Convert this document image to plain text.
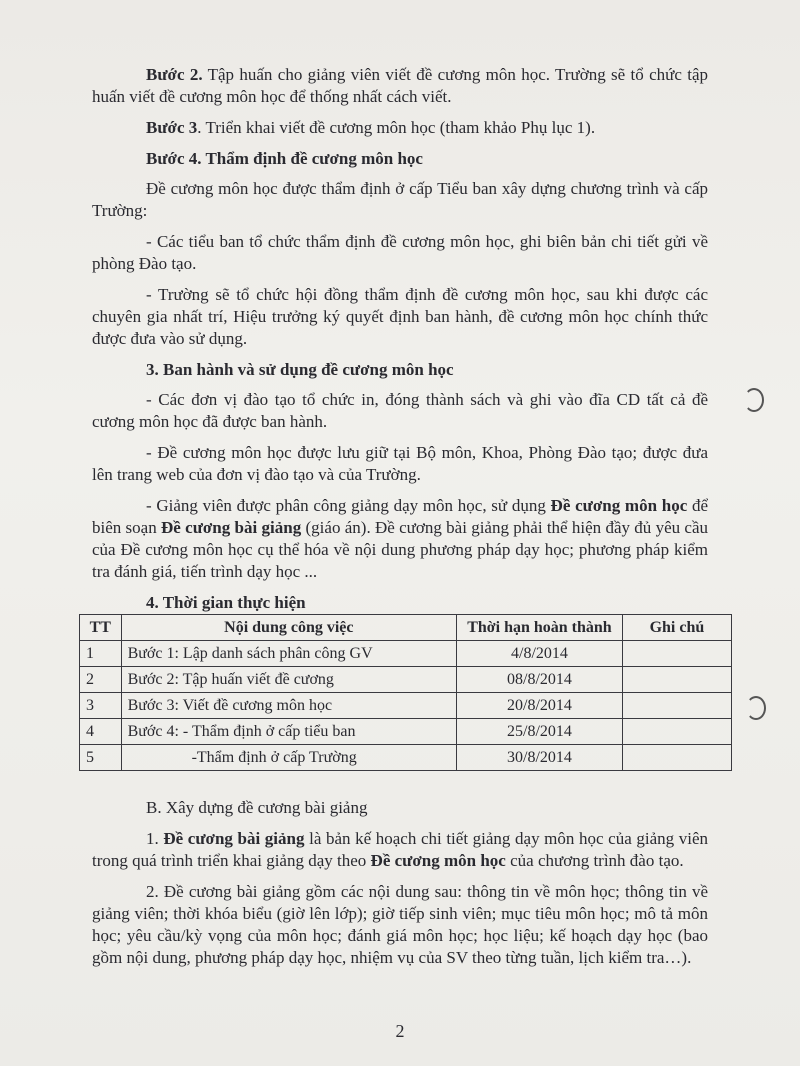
Bước 2. Tập huấn cho giảng viên viết đề cương môn học. Trường sẽ tổ chức tập huấn viết đề cương môn học để thống nhất cách viết.

Bước 3. Triển khai viết đề cương môn học (tham khảo Phụ lục 1).

Bước 4. Thẩm định đề cương môn học

Đề cương môn học được thẩm định ở cấp Tiểu ban xây dựng chương trình và cấp Trường:

- Các tiểu ban tổ chức thẩm định đề cương môn học, ghi biên bản chi tiết gửi về phòng Đào tạo.

- Trường sẽ tổ chức hội đồng thẩm định đề cương môn học, sau khi được các chuyên gia nhất trí, Hiệu trưởng ký quyết định ban hành, đề cương môn học chính thức được đưa vào sử dụng.

3. Ban hành và sử dụng đề cương môn học

- Các đơn vị đào tạo tổ chức in, đóng thành sách và ghi vào đĩa CD tất cả đề cương môn học đã được ban hành.

- Đề cương môn học được lưu giữ tại Bộ môn, Khoa, Phòng Đào tạo; được đưa lên trang web của đơn vị đào tạo và của Trường.

- Giảng viên được phân công giảng dạy môn học, sử dụng Đề cương môn học để biên soạn Đề cương bài giảng (giáo án). Đề cương bài giảng phải thể hiện đầy đủ yêu cầu của Đề cương môn học cụ thể hóa về nội dung phương pháp dạy học; phương pháp kiểm tra đánh giá, tiến trình dạy học ...

4. Thời gian thực hiện

TT	Nội dung công việc	Thời hạn hoàn thành	Ghi chú
1	Bước 1: Lập danh sách phân công GV	4/8/2014	
2	Bước 2: Tập huấn viết đề cương	08/8/2014	
3	Bước 3: Viết đề cương môn học	20/8/2014	
4	Bước 4: - Thẩm định ở cấp tiểu ban	25/8/2014	
5	-Thẩm định ở cấp Trường	30/8/2014	

B. Xây dựng đề cương bài giảng

1. Đề cương bài giảng là bản kế hoạch chi tiết giảng dạy môn học của giảng viên trong quá trình triển khai giảng dạy theo Đề cương môn học của chương trình đào tạo.

2. Đề cương bài giảng gồm các nội dung sau: thông tin về môn học; thông tin về giảng viên; thời khóa biểu (giờ lên lớp); giờ tiếp sinh viên; mục tiêu môn học; mô tả môn học; yêu cầu/kỳ vọng của môn học; đánh giá môn học; học liệu; kế hoạch dạy học (bao gồm nội dung, phương pháp dạy học, nhiệm vụ của SV theo từng tuần, lịch kiểm tra…).

2
